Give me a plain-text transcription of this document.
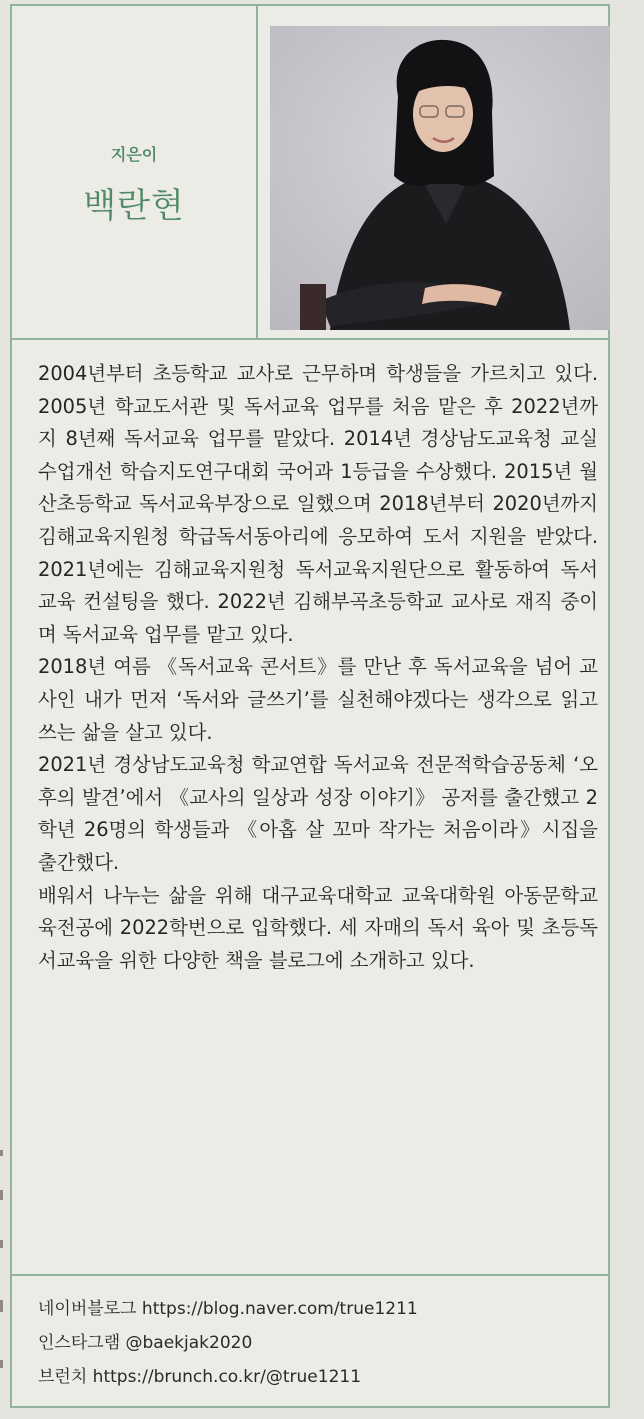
지은이
백란현

2004년부터 초등학교 교사로 근무하며 학생들을 가르치고 있다. 2005년 학교도서관 및 독서교육 업무를 처음 맡은 후 2022년까지 8년째 독서교육 업무를 맡았다. 2014년 경상남도교육청 교실수업개선 학습지도연구대회 국어과 1등급을 수상했다. 2015년 월산초등학교 독서교육부장으로 일했으며 2018년부터 2020년까지 김해교육지원청 학급독서동아리에 응모하여 도서 지원을 받았다. 2021년에는 김해교육지원청 독서교육지원단으로 활동하여 독서교육 컨설팅을 했다. 2022년 김해부곡초등학교 교사로 재직 중이며 독서교육 업무를 맡고 있다.

2018년 여름 《독서교육 콘서트》를 만난 후 독서교육을 넘어 교사인 내가 먼저 ‘독서와 글쓰기’를 실천해야겠다는 생각으로 읽고 쓰는 삶을 살고 있다.

2021년 경상남도교육청 학교연합 독서교육 전문적학습공동체 ‘오후의 발견’에서 《교사의 일상과 성장 이야기》 공저를 출간했고 2학년 26명의 학생들과 《아홉 살 꼬마 작가는 처음이라》시집을 출간했다.

배워서 나누는 삶을 위해 대구교육대학교 교육대학원 아동문학교육전공에 2022학번으로 입학했다. 세 자매의 독서 육아 및 초등독서교육을 위한 다양한 책을 블로그에 소개하고 있다.

네이버블로그 https://blog.naver.com/true1211
인스타그램 @baekjak2020
브런치 https://brunch.co.kr/@true1211
